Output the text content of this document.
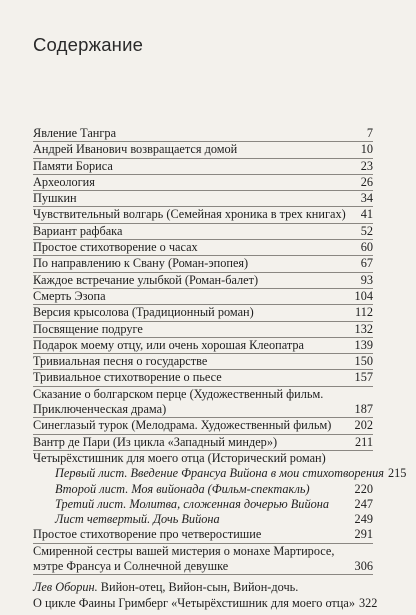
Содержание
Явление Тангра	7
Андрей Иванович возвращается домой	10
Памяти Бориса	23
Археология	26
Пушкин	34
Чувствительный волгарь (Семейная хроника в трех книгах)	41
Вариант рафбака	52
Простое стихотворение о часах	60
По направлению к Свану (Роман-эпопея)	67
Каждое встречание улыбкой (Роман-балет)	93
Смерть Эзопа	104
Версия крысолова (Традиционный роман)	112
Посвящение подруге	132
Подарок моему отцу, или очень хорошая Клеопатра	139
Тривиальная песня о государстве	150
Тривиальное стихотворение о пьесе	157
Сказание о болгарском перце (Художественный фильм.
Приключенческая драма)	187
Синеглазый турок (Мелодрама. Художественный фильм)	202
Вантр де Пари (Из цикла «Западный миндер»)	211
Четырёхстишник для моего отца (Исторический роман)
Первый лист. Введение Франсуа Вийона в мои стихотворения 215
Второй лист. Моя вийонада (Фильм-спектакль)	220
Третий лист. Молитва, сложенная дочерью Вийона	247
Лист четвертый. Дочь Вийона	249
Простое стихотворение про четверостишие	291
Смиренной сестры вашей мистерия о монахе Мартиросе,
мэтре Франсуа и Солнечной девушке	306
Лев Оборин. Вийон-отец, Вийон-сын, Вийон-дочь.
О цикле Фаины Гримберг «Четырёхстишник для моего отца» 322
